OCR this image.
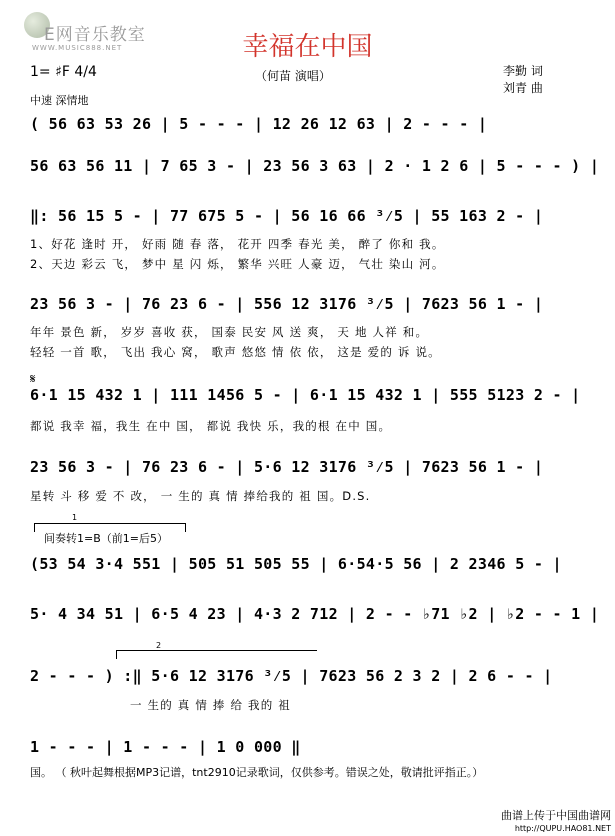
E网音乐教室
WWW.MUSIC888.NET	幸福在中国
（何苗 演唱）	李勤 词
刘青 曲
1= ♯F 4/4
中速 深情地
( 56 63 53 26 | 5 - - - | 12 26 12 63 | 2 - - - |
56 63 56 11 | 7 65 3 - | 23 56 3 63 | 2 · 1 2 6 | 5 - - - ) |
‖: 56 15 5 - | 77 675 5 - | 56 16 66 ³⁄5 | 55 163 2 - |
1、好花 逢时 开， 好雨 随 春 落， 花开 四季 春光 美， 醉了 你和 我。
2、天边 彩云 飞， 梦中 星 闪 烁， 繁华 兴旺 人豪 迈， 气壮 染山 河。
23 56 3 - | 76 23 6 - | 556 12 3176 ³⁄5 | 7623 56 1 - |
年年 景色 新， 岁岁 喜收 获， 国泰 民安 风 送 爽， 天 地 人祥 和。
轻轻 一首 歌， 飞出 我心 窝， 歌声 悠悠 情 依 依， 这是 爱的 诉 说。
𝄋
6·1 15 432 1 | 111 1456 5 - | 6·1 15 432 1 | 555 5123 2 - |
都说 我幸 福，我生 在中 国， 都说 我快 乐，我的根 在中 国。
23 56 3 - | 76 23 6 - | 5·6 12 3176 ³⁄5 | 7623 56 1 - |
星转 斗 移 爱 不 改， 一 生的 真 情 捧给我的 祖 国。D.S.
1
间奏转1=B（前1=后5）
(53 54 3·4 551 | 505 51 505 55 | 6·54·5 56 | 2 2346 5 - |
5· 4 34 51 | 6·5 4 23 | 4·3 2 712 | 2 - - ♭71 ♭2 | ♭2 - - 1 |
2
2 - - - ) :‖ 5·6 12 3176 ³⁄5 | 7623 56 2 3 2 | 2 6 - - |
一 生的 真 情 捧 给 我的 祖
1 - - - | 1 - - - | 1 0 000 ‖
国。 （ 秋叶起舞根据MP3记谱，tnt2910记录歌词，仅供参考。错误之处，敬请批评指正。）
曲谱上传于中国曲谱网
http://QUPU.HAO81.NET
